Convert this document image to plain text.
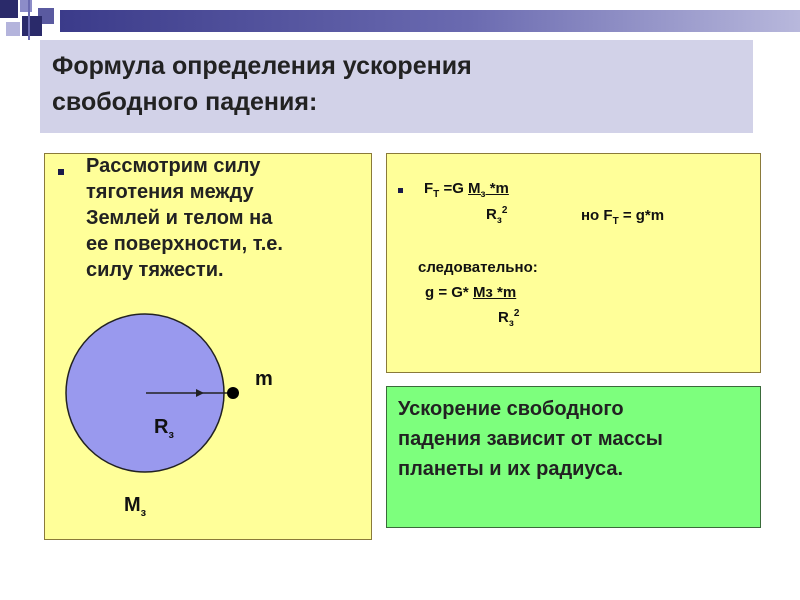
Формула определения ускорения
свободного падения:
Рассмотрим силу
тяготения между
Землей и телом на
ее поверхности, т.е.
силу тяжести.
m
$R_з$
$M_з$
$F_T =G$ $M_з$ *m
$R_з^2$	но $F_T = g*m$
следовательно:
g = G* Mз *m
$R_з^2$
Ускорение свободного
падения зависит от массы
планеты и их радиуса.
